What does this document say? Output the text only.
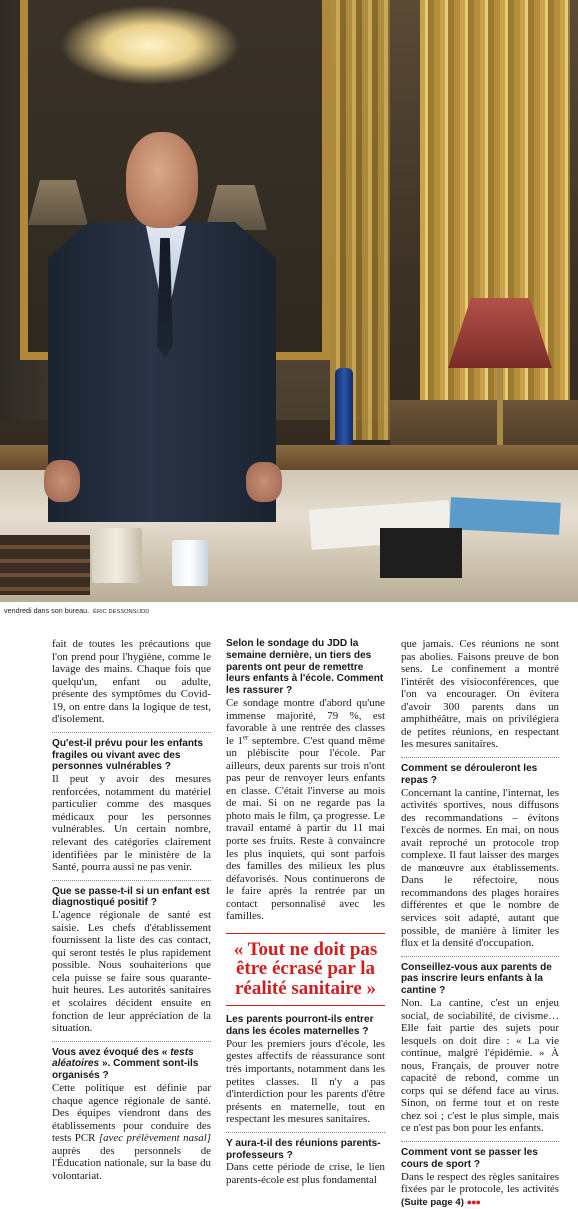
vendredi dans son bureau. ÉRIC DESSONS/JDD

fait de toutes les précautions que l'on prend pour l'hygiène, comme le lavage des mains. Chaque fois que quelqu'un, enfant ou adulte, présente des symptômes du Covid-19, on entre dans la logique de test, d'isolement.

Qu'est-il prévu pour les enfants fragiles ou vivant avec des personnes vulnérables ?

Il peut y avoir des mesures renforcées, notamment du matériel particulier comme des masques médicaux pour les personnes vulnérables. Un certain nombre, relevant des catégories clairement identifiées par le ministère de la Santé, pourra aussi ne pas venir.

Que se passe-t-il si un enfant est diagnostiqué positif ?

L'agence régionale de santé est saisie. Les chefs d'établissement fournissent la liste des cas contact, qui seront testés le plus rapidement possible. Nous souhaiterions que cela puisse se faire sous quarante-huit heures. Les autorités sanitaires et scolaires décident ensuite en fonction de leur appréciation de la situation.

Vous avez évoqué des « tests aléatoires ». Comment sont-ils organisés ?

Cette politique est définie par chaque agence régionale de santé. Des équipes viendront dans des établissements pour conduire des tests PCR [avec prélèvement nasal] auprès des personnels de l'Éducation nationale, sur la base du volontariat.

Selon le sondage du JDD la semaine dernière, un tiers des parents ont peur de remettre leurs enfants à l'école. Comment les rassurer ?

Ce sondage montre d'abord qu'une immense majorité, 79 %, est favorable à une rentrée des classes le 1er septembre. C'est quand même un plébiscite pour l'école. Par ailleurs, deux parents sur trois n'ont pas peur de renvoyer leurs enfants en classe. C'était l'inverse au mois de mai. Si on ne regarde pas la photo mais le film, ça progresse. Le travail entamé à partir du 11 mai porte ses fruits. Reste à convaincre les plus inquiets, qui sont parfois des familles des milieux les plus défavorisés. Nous continuerons de le faire après la rentrée par un contact personnalisé avec les familles.

« Tout ne doit pas être écrasé par la réalité sanitaire »
Les parents pourront-ils entrer dans les écoles maternelles ?

Pour les premiers jours d'école, les gestes affectifs de réassurance sont très importants, notamment dans les petites classes. Il n'y a pas d'interdiction pour les parents d'être présents en maternelle, tout en respectant les mesures sanitaires.

Y aura-t-il des réunions parents-professeurs ?

Dans cette période de crise, le lien parents-école est plus fondamental

que jamais. Ces réunions ne sont pas abolies. Faisons preuve de bon sens. Le confinement a montré l'intérêt des visioconférences, que l'on va encourager. On évitera d'avoir 300 parents dans un amphithéâtre, mais on privilégiera de petites réunions, en respectant les mesures sanitaires.

Comment se dérouleront les repas ?

Concernant la cantine, l'internat, les activités sportives, nous diffusons des recommandations – évitons l'excès de normes. En mai, on nous avait reproché un protocole trop complexe. Il faut laisser des marges de manœuvre aux établissements. Dans le réfectoire, nous recommandons des plages horaires différentes et que le nombre de services soit adapté, autant que possible, de manière à limiter les flux et la densité d'occupation.

Conseillez-vous aux parents de pas inscrire leurs enfants à la cantine ?

Non. La cantine, c'est un enjeu social, de sociabilité, de civisme… Elle fait partie des sujets pour lesquels on doit dire : « La vie continue, malgré l'épidémie. » À nous, Français, de prouver notre capacité de rebond, comme un corps qui se défend face au virus. Sinon, on ferme tout et on reste chez soi ; c'est le plus simple, mais ce n'est pas bon pour les enfants.

Comment vont se passer les cours de sport ?

Dans le respect des règles sanitaires fixées par le protocole, les activités (Suite page 4) ●●●
